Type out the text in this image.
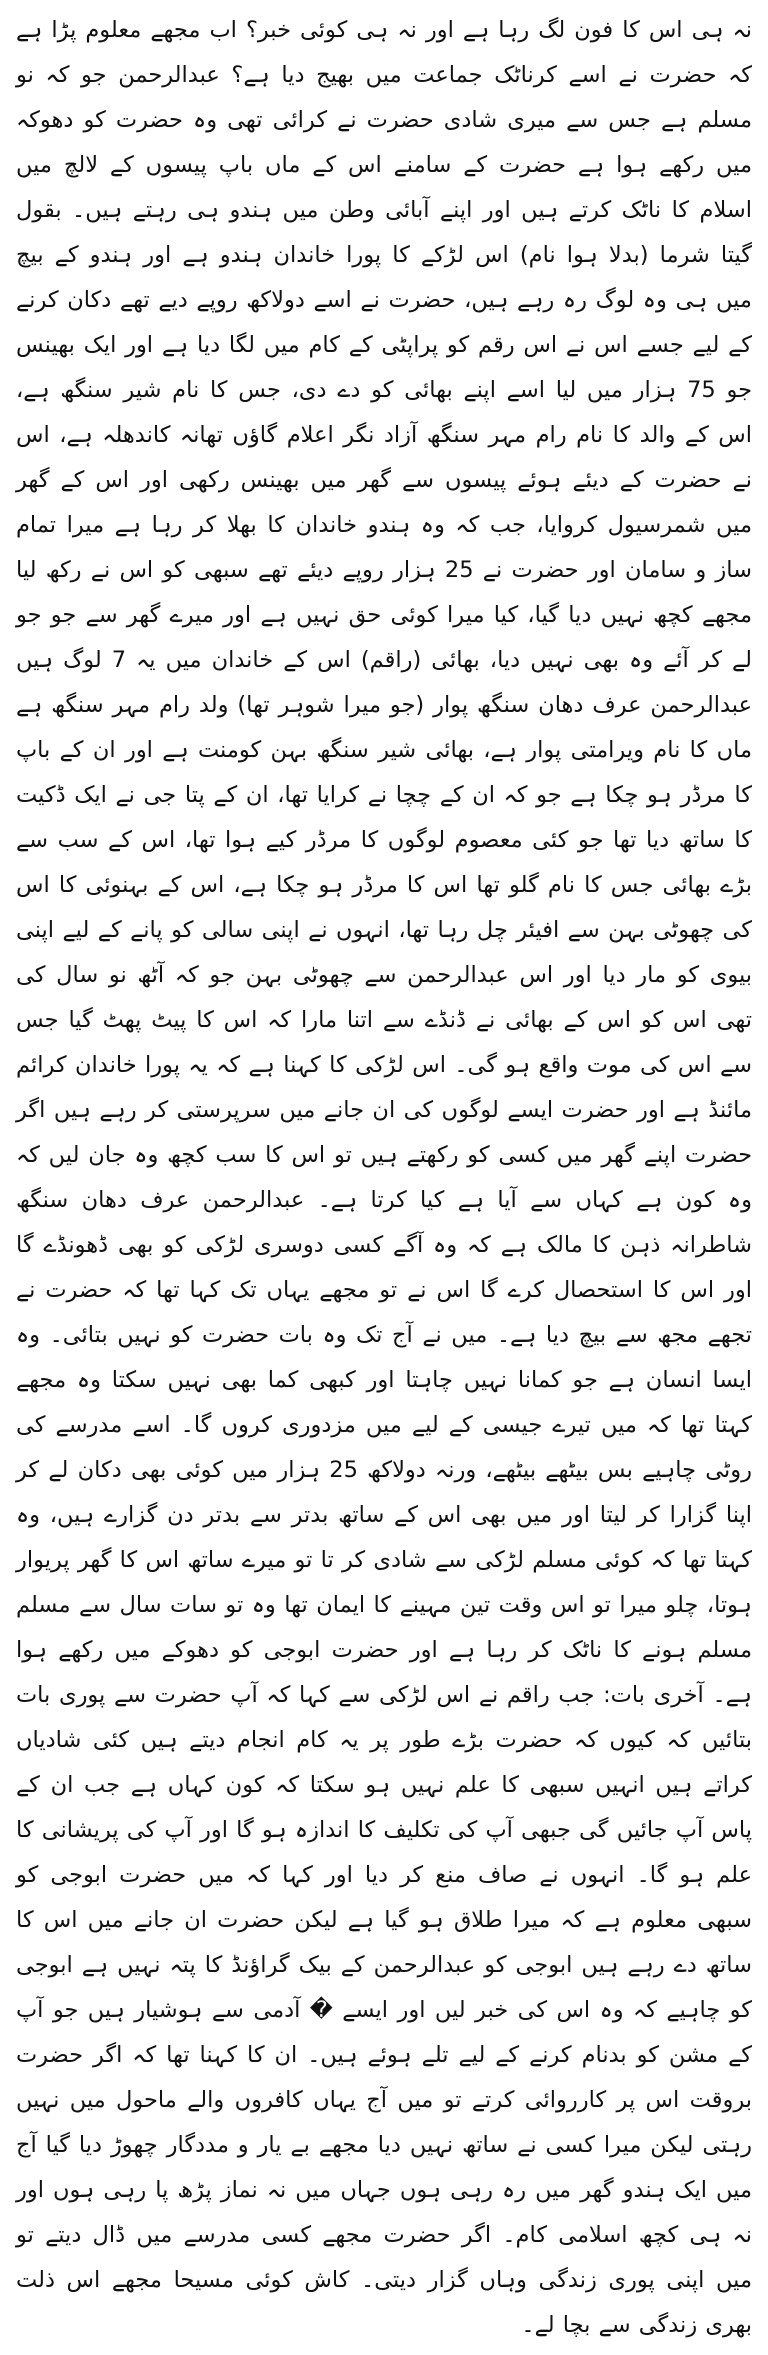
نہ ہی اس کا فون لگ رہا ہے اور نہ ہی کوئی خبر؟ اب مجھے معلوم پڑا ہے کہ حضرت نے اسے کرناٹک جماعت میں بھیج دیا ہے؟ عبدالرحمن جو کہ نو مسلم ہے جس سے میری شادی حضرت نے کرائی تھی وہ حضرت کو دھوکہ میں رکھے ہوا ہے حضرت کے سامنے اس کے ماں باپ پیسوں کے لالچ میں اسلام کا ناٹک کرتے ہیں اور اپنے آبائی وطن میں ہندو ہی رہتے ہیں۔ بقول گیتا شرما (بدلا ہوا نام) اس لڑکے کا پورا خاندان ہندو ہے اور ہندو کے بیچ میں ہی وہ لوگ رہ رہے ہیں، حضرت نے اسے دولاکھ روپے دیے تھے دکان کرنے کے لیے جسے اس نے اس رقم کو پراپٹی کے کام میں لگا دیا ہے اور ایک بھینس جو 75 ہزار میں لیا اسے اپنے بھائی کو دے دی، جس کا نام شیر سنگھ ہے، اس کے والد کا نام رام مہر سنگھ آزاد نگر اعلام گاؤں تھانہ کاندھلہ ہے، اس نے حضرت کے دیئے ہوئے پیسوں سے گھر میں بھینس رکھی اور اس کے گھر میں شمرسیول کروایا، جب کہ وہ ہندو خاندان کا بھلا کر رہا ہے میرا تمام ساز و سامان اور حضرت نے 25 ہزار روپے دیئے تھے سبھی کو اس نے رکھ لیا مجھے کچھ نہیں دیا گیا، کیا میرا کوئی حق نہیں ہے اور میرے گھر سے جو جو لے کر آئے وہ بھی نہیں دیا، بھائی (راقم) اس کے خاندان میں یہ 7 لوگ ہیں عبدالرحمن عرف دھان سنگھ پوار (جو میرا شوہر تھا) ولد رام مہر سنگھ ہے ماں کا نام ویرامتی پوار ہے، بھائی شیر سنگھ بہن کومنت ہے اور ان کے باپ کا مرڈر ہو چکا ہے جو کہ ان کے چچا نے کرایا تھا، ان کے پتا جی نے ایک ڈکیت کا ساتھ دیا تھا جو کئی معصوم لوگوں کا مرڈر کیے ہوا تھا، اس کے سب سے بڑے بھائی جس کا نام گلو تھا اس کا مرڈر ہو چکا ہے، اس کے بہنوئی کا اس کی چھوٹی بہن سے افیئر چل رہا تھا، انہوں نے اپنی سالی کو پانے کے لیے اپنی بیوی کو مار دیا اور اس عبدالرحمن سے چھوٹی بہن جو کہ آٹھ نو سال کی تھی اس کو اس کے بھائی نے ڈنڈے سے اتنا مارا کہ اس کا پیٹ پھٹ گیا جس سے اس کی موت واقع ہو گی۔ اس لڑکی کا کہنا ہے کہ یہ پورا خاندان کرائم مائنڈ ہے اور حضرت ایسے لوگوں کی ان جانے میں سرپرستی کر رہے ہیں اگر حضرت اپنے گھر میں کسی کو رکھتے ہیں تو اس کا سب کچھ وہ جان لیں کہ وہ کون ہے کہاں سے آیا ہے کیا کرتا ہے۔ عبدالرحمن عرف دھان سنگھ شاطرانہ ذہن کا مالک ہے کہ وہ آگے کسی دوسری لڑکی کو بھی ڈھونڈے گا اور اس کا استحصال کرے گا اس نے تو مجھے یہاں تک کہا تھا کہ حضرت نے تجھے مجھ سے بیچ دیا ہے۔ میں نے آج تک وہ بات حضرت کو نہیں بتائی۔ وہ ایسا انسان ہے جو کمانا نہیں چاہتا اور کبھی کما بھی نہیں سکتا وہ مجھے کہتا تھا کہ میں تیرے جیسی کے لیے میں مزدوری کروں گا۔ اسے مدرسے کی روٹی چاہیے بس بیٹھے بیٹھے، ورنہ دولاکھ 25 ہزار میں کوئی بھی دکان لے کر اپنا گزارا کر لیتا اور میں بھی اس کے ساتھ بدتر سے بدتر دن گزارے ہیں، وہ کہتا تھا کہ کوئی مسلم لڑکی سے شادی کر تا تو میرے ساتھ اس کا گھر پریوار ہوتا، چلو میرا تو اس وقت تین مہینے کا ایمان تھا وہ تو سات سال سے مسلم مسلم ہونے کا ناٹک کر رہا ہے اور حضرت ابوجی کو دھوکے میں رکھے ہوا ہے۔ آخری بات: جب راقم نے اس لڑکی سے کہا کہ آپ حضرت سے پوری بات بتائیں کہ کیوں کہ حضرت بڑے طور پر یہ کام انجام دیتے ہیں کئی شادیاں کراتے ہیں انہیں سبھی کا علم نہیں ہو سکتا کہ کون کہاں ہے جب ان کے پاس آپ جائیں گی جبھی آپ کی تکلیف کا اندازہ ہو گا اور آپ کی پریشانی کا علم ہو گا۔ انہوں نے صاف منع کر دیا اور کہا کہ میں حضرت ابوجی کو سبھی معلوم ہے کہ میرا طلاق ہو گیا ہے لیکن حضرت ان جانے میں اس کا ساتھ دے رہے ہیں ابوجی کو عبدالرحمن کے بیک گراؤنڈ کا پتہ نہیں ہے ابوجی کو چاہیے کہ وہ اس کی خبر لیں اور ایسے � آدمی سے ہوشیار ہیں جو آپ کے مشن کو بدنام کرنے کے لیے تلے ہوئے ہیں۔ ان کا کہنا تھا کہ اگر حضرت بروقت اس پر کارروائی کرتے تو میں آج یہاں کافروں والے ماحول میں نہیں رہتی لیکن میرا کسی نے ساتھ نہیں دیا مجھے بے یار و مددگار چھوڑ دیا گیا آج میں ایک ہندو گھر میں رہ رہی ہوں جہاں میں نہ نماز پڑھ پا رہی ہوں اور نہ ہی کچھ اسلامی کام۔ اگر حضرت مجھے کسی مدرسے میں ڈال دیتے تو میں اپنی پوری زندگی وہاں گزار دیتی۔ کاش کوئی مسیحا مجھے اس ذلت بھری زندگی سے بچا لے۔
